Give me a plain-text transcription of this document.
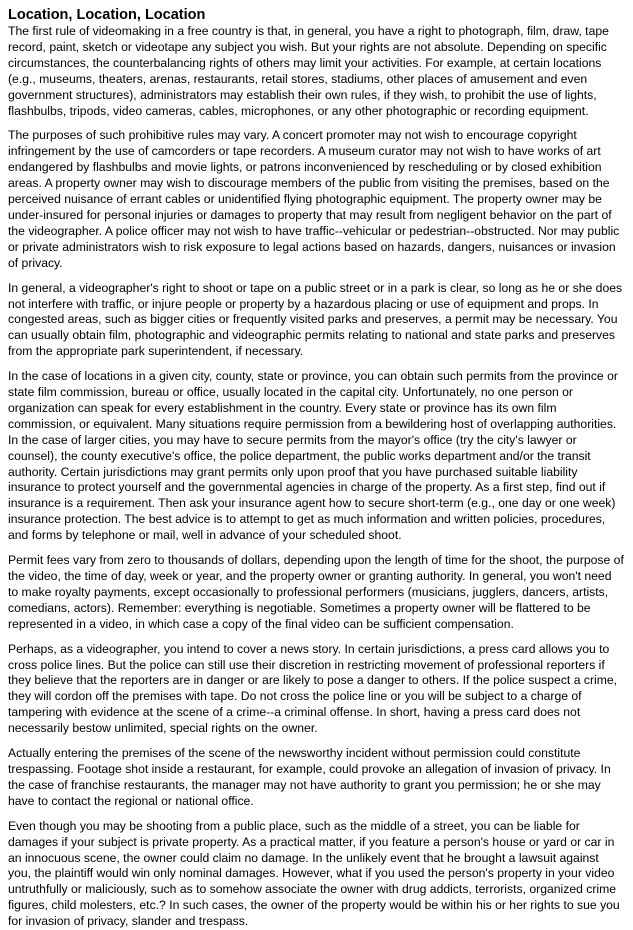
Location, Location, Location

The first rule of videomaking in a free country is that, in general, you have a right to photograph, film, draw, tape record, paint, sketch or videotape any subject you wish. But your rights are not absolute. Depending on specific circumstances, the counterbalancing rights of others may limit your activities. For example, at certain locations (e.g., museums, theaters, arenas, restaurants, retail stores, stadiums, other places of amusement and even government structures), administrators may establish their own rules, if they wish, to prohibit the use of lights, flashbulbs, tripods, video cameras, cables, microphones, or any other photographic or recording equipment.

The purposes of such prohibitive rules may vary. A concert promoter may not wish to encourage copyright infringement by the use of camcorders or tape recorders. A museum curator may not wish to have works of art endangered by flashbulbs and movie lights, or patrons inconvenienced by rescheduling or by closed exhibition areas. A property owner may wish to discourage members of the public from visiting the premises, based on the perceived nuisance of errant cables or unidentified flying photographic equipment. The property owner may be under-insured for personal injuries or damages to property that may result from negligent behavior on the part of the videographer. A police officer may not wish to have traffic--vehicular or pedestrian--obstructed. Nor may public or private administrators wish to risk exposure to legal actions based on hazards, dangers, nuisances or invasion of privacy.

In general, a videographer's right to shoot or tape on a public street or in a park is clear, so long as he or she does not interfere with traffic, or injure people or property by a hazardous placing or use of equipment and props. In congested areas, such as bigger cities or frequently visited parks and preserves, a permit may be necessary. You can usually obtain film, photographic and videographic permits relating to national and state parks and preserves from the appropriate park superintendent, if necessary.

In the case of locations in a given city, county, state or province, you can obtain such permits from the province or state film commission, bureau or office, usually located in the capital city. Unfortunately, no one person or organization can speak for every establishment in the country. Every state or province has its own film commission, or equivalent. Many situations require permission from a bewildering host of overlapping authorities. In the case of larger cities, you may have to secure permits from the mayor's office (try the city's lawyer or counsel), the county executive's office, the police department, the public works department and/or the transit authority. Certain jurisdictions may grant permits only upon proof that you have purchased suitable liability insurance to protect yourself and the governmental agencies in charge of the property. As a first step, find out if insurance is a requirement. Then ask your insurance agent how to secure short-term (e.g., one day or one week) insurance protection. The best advice is to attempt to get as much information and written policies, procedures, and forms by telephone or mail, well in advance of your scheduled shoot.

Permit fees vary from zero to thousands of dollars, depending upon the length of time for the shoot, the purpose of the video, the time of day, week or year, and the property owner or granting authority. In general, you won't need to make royalty payments, except occasionally to professional performers (musicians, jugglers, dancers, artists, comedians, actors). Remember: everything is negotiable. Sometimes a property owner will be flattered to be represented in a video, in which case a copy of the final video can be sufficient compensation.

Perhaps, as a videographer, you intend to cover a news story. In certain jurisdictions, a press card allows you to cross police lines. But the police can still use their discretion in restricting movement of professional reporters if they believe that the reporters are in danger or are likely to pose a danger to others. If the police suspect a crime, they will cordon off the premises with tape. Do not cross the police line or you will be subject to a charge of tampering with evidence at the scene of a crime--a criminal offense. In short, having a press card does not necessarily bestow unlimited, special rights on the owner.

Actually entering the premises of the scene of the newsworthy incident without permission could constitute trespassing. Footage shot inside a restaurant, for example, could provoke an allegation of invasion of privacy. In the case of franchise restaurants, the manager may not have authority to grant you permission; he or she may have to contact the regional or national office.

Even though you may be shooting from a public place, such as the middle of a street, you can be liable for damages if your subject is private property. As a practical matter, if you feature a person's house or yard or car in an innocuous scene, the owner could claim no damage. In the unlikely event that he brought a lawsuit against you, the plaintiff would win only nominal damages. However, what if you used the person's property in your video untruthfully or maliciously, such as to somehow associate the owner with drug addicts, terrorists, organized crime figures, child molesters, etc.? In such cases, the owner of the property would be within his or her rights to sue you for invasion of privacy, slander and trespass.
